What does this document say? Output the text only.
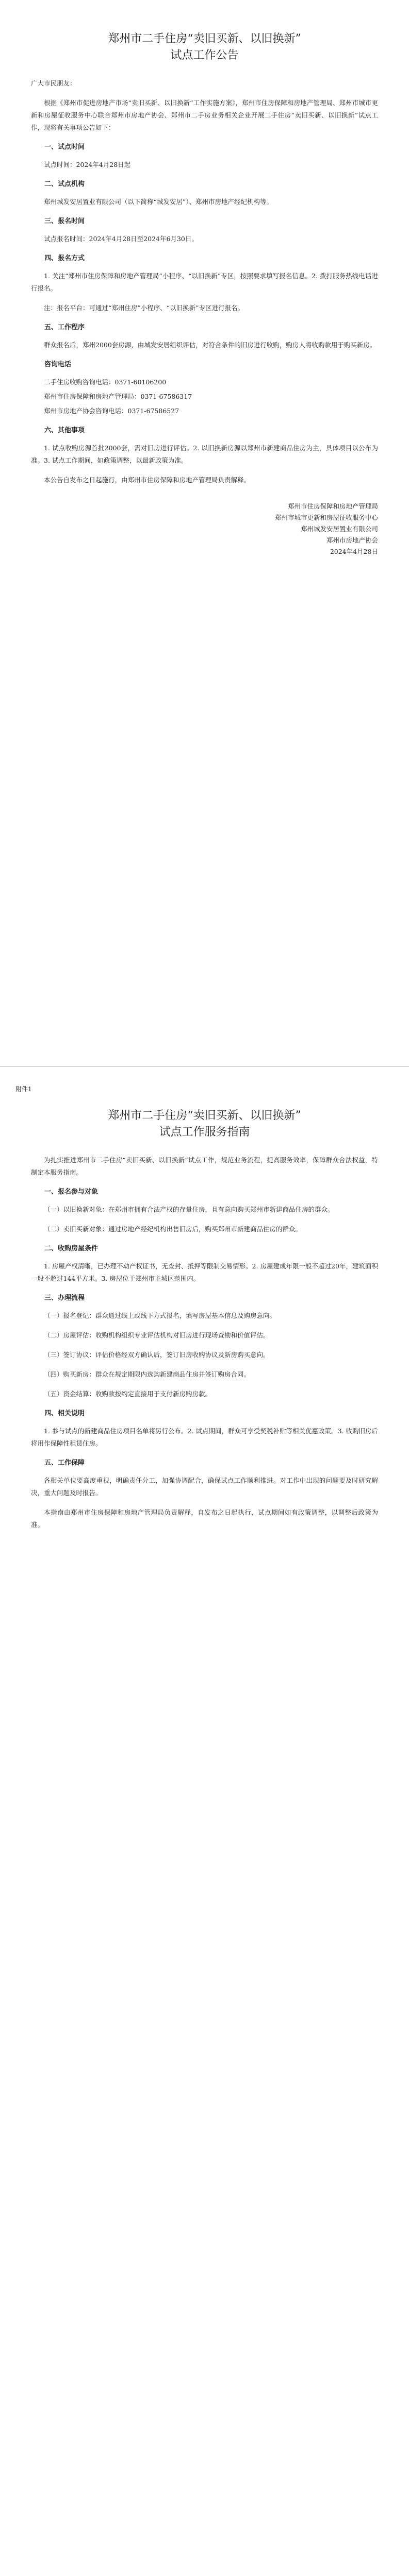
郑州市二手住房“卖旧买新、以旧换新”

试点工作公告

广大市民朋友：

根据《郑州市促进房地产市场“卖旧买新、以旧换新”工作实施方案》，郑州市住房保障和房地产管理局、郑州市城市更新和房屋征收服务中心联合郑州市房地产协会、郑州市二手房业务相关企业开展二手住房“卖旧买新、以旧换新”试点工作，现将有关事项公告如下：

一、试点时间

试点时间：2024年4月28日起

二、试点机构

郑州城发安居置业有限公司（以下简称“城发安居”）、郑州市房地产经纪机构等。

三、报名时间

试点报名时间：2024年4月28日至2024年6月30日。

四、报名方式

1. 关注“郑州市住房保障和房地产管理局”小程序、“以旧换新”专区，按照要求填写报名信息。2. 拨打服务热线电话进行报名。

注：报名平台：可通过“郑州住房”小程序、“以旧换新”专区进行报名。

五、工作程序

群众报名后，郑州2000套房源，由城发安居组织评估，对符合条件的旧房进行收购，购房人将收购款用于购买新房。

咨询电话

二手住房收购咨询电话：0371-60106200

郑州市住房保障和房地产管理局：0371-67586317

郑州市房地产协会咨询电话：0371-67586527

六、其他事项

1. 试点收购房源首批2000套，需对旧房进行评估。2. 以旧换新房源以郑州市新建商品住房为主，具体项目以公布为准。3. 试点工作期间，如政策调整，以最新政策为准。

本公告自发布之日起施行，由郑州市住房保障和房地产管理局负责解释。

郑州市住房保障和房地产管理局
郑州市城市更新和房屋征收服务中心
郑州城发安居置业有限公司
郑州市房地产协会
2024年4月28日
附件1

郑州市二手住房“卖旧买新、以旧换新”

试点工作服务指南

为扎实推进郑州市二手住房“卖旧买新、以旧换新”试点工作，规范业务流程，提高服务效率，保障群众合法权益，特制定本服务指南。

一、报名参与对象

（一）以旧换新对象：在郑州市拥有合法产权的存量住房，且有意向购买郑州市新建商品住房的群众。

（二）卖旧买新对象：通过房地产经纪机构出售旧房后，购买郑州市新建商品住房的群众。

二、收购房屋条件

1. 房屋产权清晰，已办理不动产权证书，无查封、抵押等限制交易情形。2. 房屋建成年限一般不超过20年，建筑面积一般不超过144平方米。3. 房屋位于郑州市主城区范围内。

三、办理流程

（一）报名登记：群众通过线上或线下方式报名，填写房屋基本信息及购房意向。

（二）房屋评估：收购机构组织专业评估机构对旧房进行现场查勘和价值评估。

（三）签订协议：评估价格经双方确认后，签订旧房收购协议及新房购买意向。

（四）购买新房：群众在规定期限内选购新建商品住房并签订购房合同。

（五）资金结算：收购款按约定直接用于支付新房购房款。

四、相关说明

1. 参与试点的新建商品住房项目名单将另行公布。2. 试点期间，群众可享受契税补贴等相关优惠政策。3. 收购旧房后将用作保障性租赁住房。

五、工作保障

各相关单位要高度重视，明确责任分工，加强协调配合，确保试点工作顺利推进。对工作中出现的问题要及时研究解决，重大问题及时报告。

本指南由郑州市住房保障和房地产管理局负责解释，自发布之日起执行，试点期间如有政策调整，以调整后政策为准。
